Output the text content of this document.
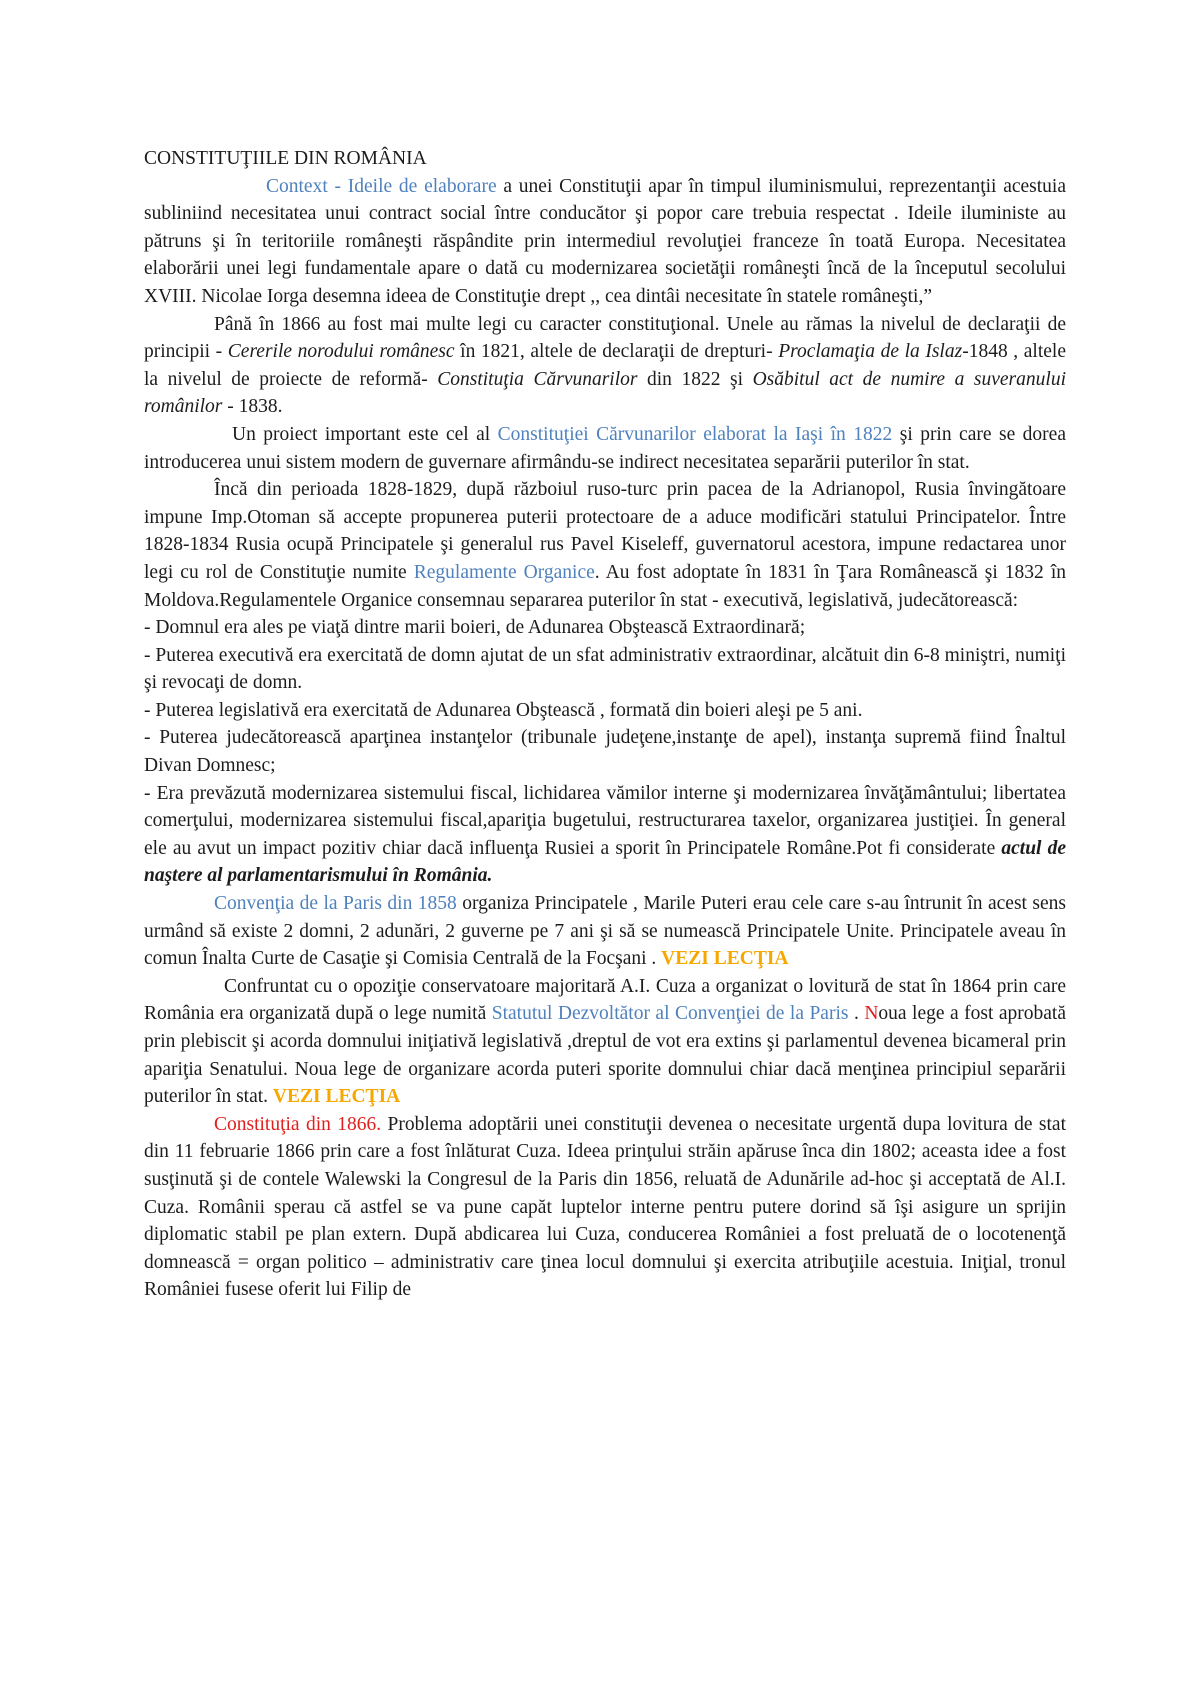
CONSTITUŢIILE DIN ROMÂNIA

Context - Ideile de elaborare a unei Constituţii apar în timpul iluminismului, reprezentanţii acestuia subliniind necesitatea unui contract social între conducător şi popor care trebuia respectat . Ideile iluministe au pătruns şi în teritoriile româneşti răspândite prin intermediul revoluţiei franceze în toată Europa. Necesitatea elaborării unei legi fundamentale apare o dată cu modernizarea societăţii româneşti încă de la începutul secolului XVIII. Nicolae Iorga desemna ideea de Constituţie drept ,, cea dintâi necesitate în statele româneşti,”

Până în 1866 au fost mai multe legi cu caracter constituţional. Unele au rămas la nivelul de declaraţii de principii - Cererile norodului românesc în 1821, altele de declaraţii de drepturi- Proclamaţia de la Islaz-1848 , altele la nivelul de proiecte de reformă- Constituţia Cărvunarilor din 1822 şi Osăbitul act de numire a suveranului românilor - 1838.

Un proiect important este cel al Constituţiei Cărvunarilor elaborat la Iaşi în 1822 şi prin care se dorea introducerea unui sistem modern de guvernare afirmându-se indirect necesitatea separării puterilor în stat.

Încă din perioada 1828-1829, după războiul ruso-turc prin pacea de la Adrianopol, Rusia învingătoare impune Imp.Otoman să accepte propunerea puterii protectoare de a aduce modificări statului Principatelor. Între 1828-1834 Rusia ocupă Principatele şi generalul rus Pavel Kiseleff, guvernatorul acestora, impune redactarea unor legi cu rol de Constituţie numite Regulamente Organice. Au fost adoptate în 1831 în Ţara Românească şi 1832 în Moldova.Regulamentele Organice consemnau separarea puterilor în stat - executivă, legislativă, judecătorească:

- Domnul era ales pe viaţă dintre marii boieri, de Adunarea Obştească Extraordinară;

- Puterea executivă era exercitată de domn ajutat de un sfat administrativ extraordinar, alcătuit din 6-8 miniştri, numiţi şi revocaţi de domn.

- Puterea legislativă era exercitată de Adunarea Obştească , formată din boieri aleşi pe 5 ani.

- Puterea judecătorească aparţinea instanţelor (tribunale judeţene,instanţe de apel), instanţa supremă fiind Înaltul Divan Domnesc;

- Era prevăzută modernizarea sistemului fiscal, lichidarea vămilor interne şi modernizarea învăţământului; libertatea comerţului, modernizarea sistemului fiscal,apariţia bugetului, restructurarea taxelor, organizarea justiţiei. În general ele au avut un impact pozitiv chiar dacă influenţa Rusiei a sporit în Principatele Române.Pot fi considerate actul de naştere al parlamentarismului în România.

Convenţia de la Paris din 1858 organiza Principatele , Marile Puteri erau cele care s-au întrunit în acest sens urmând să existe 2 domni, 2 adunări, 2 guverne pe 7 ani şi să se numească Principatele Unite. Principatele aveau în comun Înalta Curte de Casaţie şi Comisia Centrală de la Focşani . VEZI LECŢIA

Confruntat cu o opoziţie conservatoare majoritară A.I. Cuza a organizat o lovitură de stat în 1864 prin care România era organizată după o lege numită Statutul Dezvoltător al Convenţiei de la Paris . Noua lege a fost aprobată prin plebiscit şi acorda domnului iniţiativă legislativă ,dreptul de vot era extins şi parlamentul devenea bicameral prin apariţia Senatului. Noua lege de organizare acorda puteri sporite domnului chiar dacă menţinea principiul separării puterilor în stat. VEZI LECŢIA

Constituţia din 1866. Problema adoptării unei constituţii devenea o necesitate urgentă dupa lovitura de stat din 11 februarie 1866 prin care a fost înlăturat Cuza. Ideea prinţului străin apăruse înca din 1802; aceasta idee a fost susţinută şi de contele Walewski la Congresul de la Paris din 1856, reluată de Adunările ad-hoc şi acceptată de Al.I. Cuza. Românii sperau că astfel se va pune capăt luptelor interne pentru putere dorind să îşi asigure un sprijin diplomatic stabil pe plan extern. După abdicarea lui Cuza, conducerea României a fost preluată de o locotenenţă domnească = organ politico – administrativ care ţinea locul domnului şi exercita atribuţiile acestuia. Iniţial, tronul României fusese oferit lui Filip de
